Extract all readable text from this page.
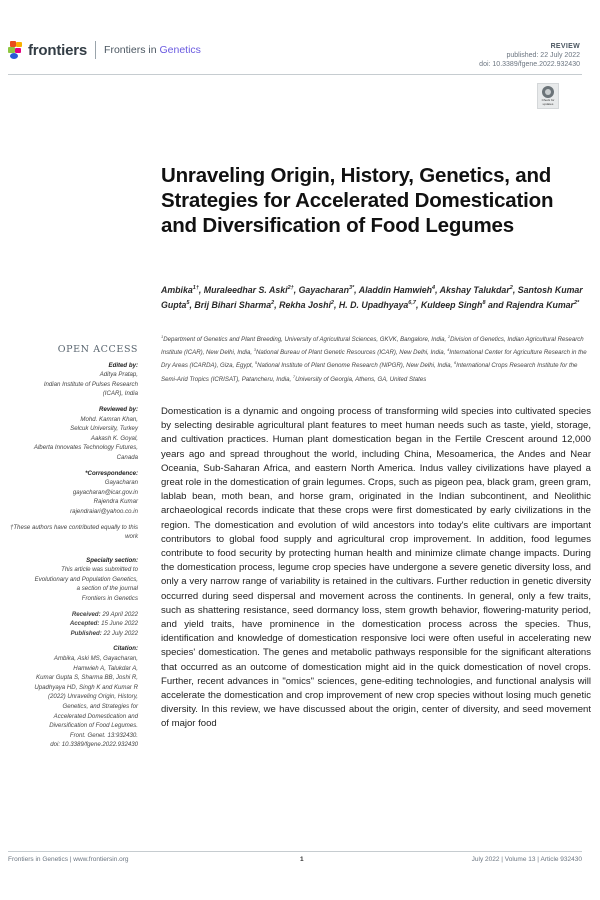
frontiers Frontiers in Genetics	REVIEW
published: 22 July 2022
doi: 10.3389/fgene.2022.932430
Check for updates
Unraveling Origin, History, Genetics, and Strategies for Accelerated Domestication and Diversification of Food Legumes
Ambika$^{1\dagger}$, Muraleedhar S. Aski$^{2\dagger}$, Gayacharan$^{3*}$, Aladdin Hamwieh$^4$, Akshay Talukdar$^2$, Santosh Kumar Gupta$^5$, Brij Bihari Sharma$^2$, Rekha Joshi$^2$, H. D. Upadhyaya$^{6,7}$, Kuldeep Singh$^8$ and Rajendra Kumar$^{2*}$
$^1$Department of Genetics and Plant Breeding, University of Agricultural Sciences, GKVK, Bangalore, India, $^2$Division of Genetics, Indian Agricultural Research Institute (ICAR), New Delhi, India, $^3$National Bureau of Plant Genetic Resources (ICAR), New Delhi, India, $^4$International Center for Agriculture Research in the Dry Areas (ICARDA), Giza, Egypt, $^5$National Institute of Plant Genome Research (NIPGR), New Delhi, India, $^6$International Crops Research Institute for the Semi-Arid Tropics (ICRISAT), Patancheru, India, $^7$University of Georgia, Athens, GA, United States
OPEN ACCESS
Edited by:
Aditya Pratap,
Indian Institute of Pulses Research
(ICAR), India
Reviewed by:
Mohd. Kamran Khan,
Selcuk University, Turkey
Aakash K. Goyal,
Alberta Innovates Technology Futures,
Canada
*Correspondence:
Gayacharan
gayacharan@icar.gov.in
Rajendra Kumar
rajendraiari@yahoo.co.in
†These authors have contributed equally to this work
Specialty section:
This article was submitted to
Evolutionary and Population Genetics,
a section of the journal
Frontiers in Genetics
Received: 29 April 2022
Accepted: 15 June 2022
Published: 22 July 2022
Citation:
Ambika, Aski MS, Gayacharan,
Hamwieh A, Talukdar A,
Kumar Gupta S, Sharma BB, Joshi R,
Upadhyaya HD, Singh K and Kumar R
(2022) Unraveling Origin, History,
Genetics, and Strategies for
Accelerated Domestication and
Diversification of Food Legumes.
Front. Genet. 13:932430.
doi: 10.3389/fgene.2022.932430
Domestication is a dynamic and ongoing process of transforming wild species into cultivated species by selecting desirable agricultural plant features to meet human needs such as taste, yield, storage, and cultivation practices. Human plant domestication began in the Fertile Crescent around 12,000 years ago and spread throughout the world, including China, Mesoamerica, the Andes and Near Oceania, Sub-Saharan Africa, and eastern North America. Indus valley civilizations have played a great role in the domestication of grain legumes. Crops, such as pigeon pea, black gram, green gram, lablab bean, moth bean, and horse gram, originated in the Indian subcontinent, and Neolithic archaeological records indicate that these crops were first domesticated by early civilizations in the region. The domestication and evolution of wild ancestors into today's elite cultivars are important contributors to global food supply and agricultural crop improvement. In addition, food legumes contribute to food security by protecting human health and minimize climate change impacts. During the domestication process, legume crop species have undergone a severe genetic diversity loss, and only a very narrow range of variability is retained in the cultivars. Further reduction in genetic diversity occurred during seed dispersal and movement across the continents. In general, only a few traits, such as shattering resistance, seed dormancy loss, stem growth behavior, flowering-maturity period, and yield traits, have prominence in the domestication process across the species. Thus, identification and knowledge of domestication responsive loci were often useful in accelerating new species' domestication. The genes and metabolic pathways responsible for the significant alterations that occurred as an outcome of domestication might aid in the quick domestication of novel crops. Further, recent advances in "omics" sciences, gene-editing technologies, and functional analysis will accelerate the domestication and crop improvement of new crop species without losing much genetic diversity. In this review, we have discussed about the origin, center of diversity, and seed movement of major food
Frontiers in Genetics | www.frontiersin.org	1	July 2022 | Volume 13 | Article 932430
